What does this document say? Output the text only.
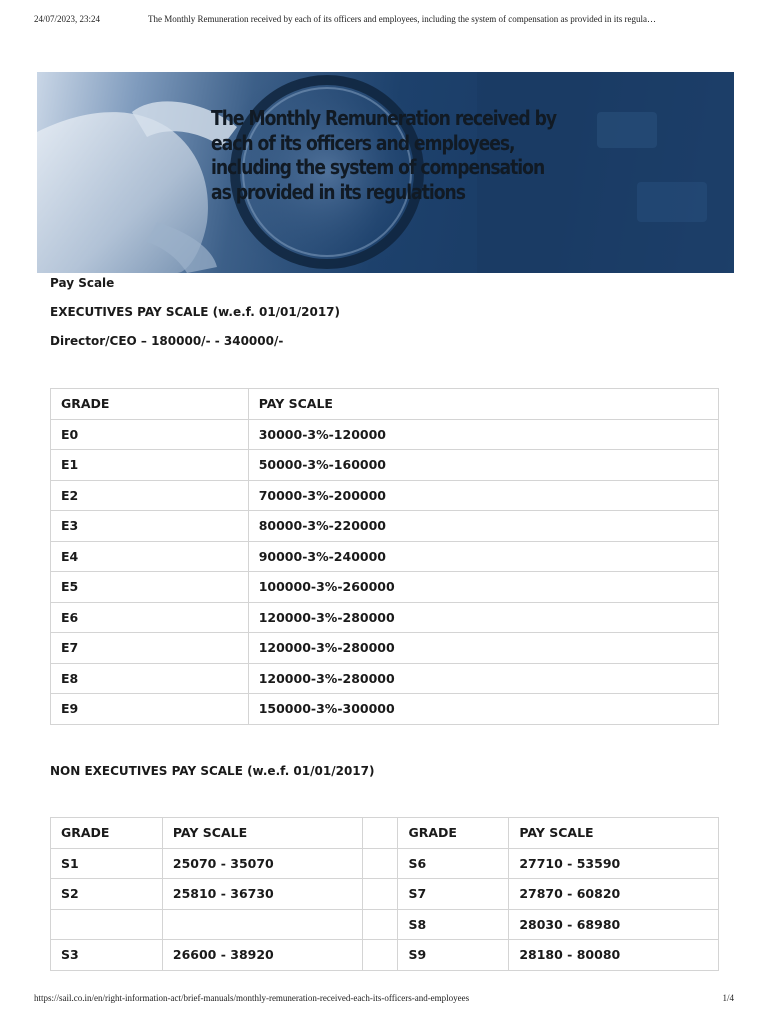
24/07/2023, 23:24	The Monthly Remuneration received by each of its officers and employees, including the system of compensation as provided in its regula…
The Monthly Remuneration received by each of its officers and employees, including the system of compensation as provided in its regulations

Pay Scale

EXECUTIVES PAY SCALE (w.e.f. 01/01/2017)

Director/CEO – 180000/- - 340000/-

GRADE	PAY SCALE
E0	30000-3%-120000
E1	50000-3%-160000
E2	70000-3%-200000
E3	80000-3%-220000
E4	90000-3%-240000
E5	100000-3%-260000
E6	120000-3%-280000
E7	120000-3%-280000
E8	120000-3%-280000
E9	150000-3%-300000

NON EXECUTIVES PAY SCALE (w.e.f. 01/01/2017)

GRADE	PAY SCALE		GRADE	PAY SCALE
S1	25070 - 35070		S6	27710 - 53590
S2	25810 - 36730		S7	27870 - 60820
			S8	28030 - 68980
S3	26600 - 38920		S9	28180 - 80080
https://sail.co.in/en/right-information-act/brief-manuals/monthly-remuneration-received-each-its-officers-and-employees	1/4
